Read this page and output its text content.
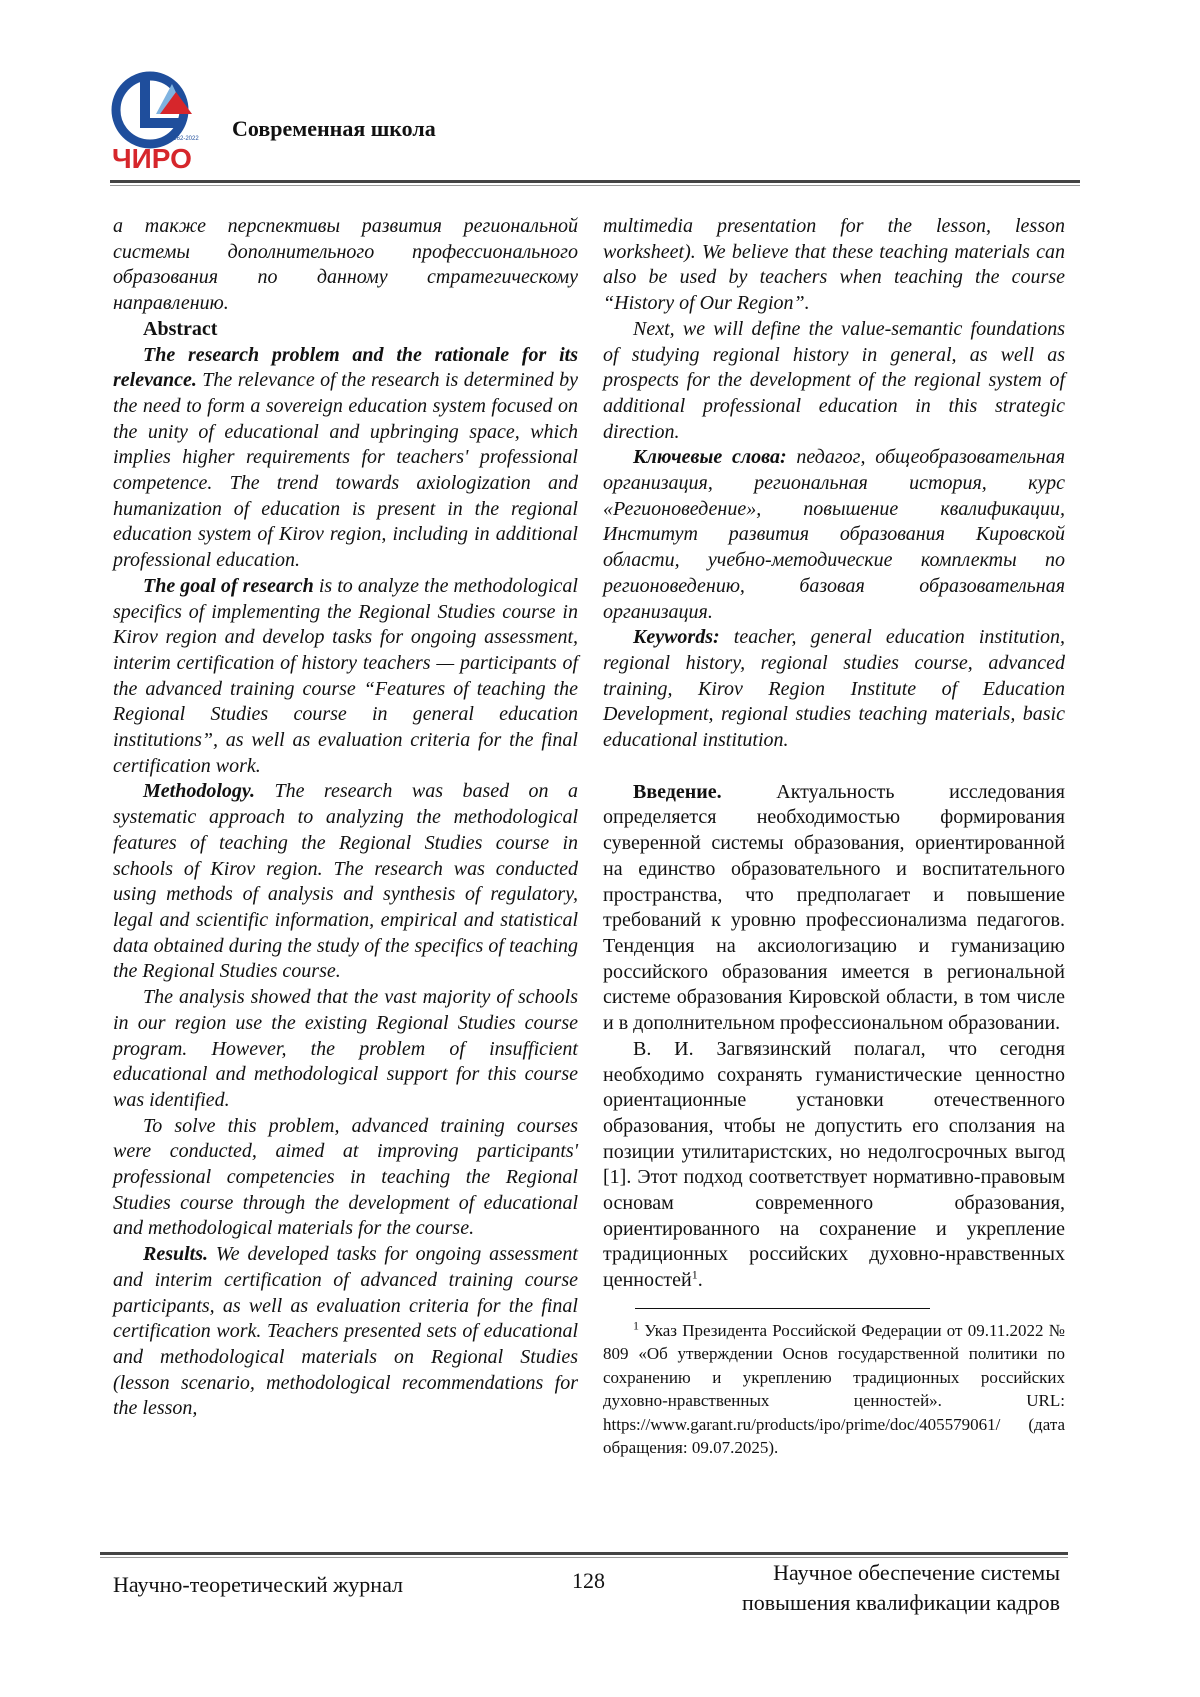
1962-2022
ЧИРО
Современная школа

а также перспективы развития региональной системы дополнительного профессионального образования по данному стратегическому направлению.

Abstract

The research problem and the rationale for its relevance. The relevance of the research is determined by the need to form a sovereign education system focused on the unity of educational and upbringing space, which implies higher requirements for teachers' professional competence. The trend towards axiologization and humanization of education is present in the regional education system of Kirov region, including in additional professional education.

The goal of research is to analyze the methodological specifics of implementing the Regional Studies course in Kirov region and develop tasks for ongoing assessment, interim certification of history teachers — participants of the advanced training course “Features of teaching the Regional Studies course in general education institutions”, as well as evaluation criteria for the final certification work.

Methodology. The research was based on a systematic approach to analyzing the methodological features of teaching the Regional Studies course in schools of Kirov region. The research was conducted using methods of analysis and synthesis of regulatory, legal and scientific information, empirical and statistical data obtained during the study of the specifics of teaching the Regional Studies course.

The analysis showed that the vast majority of schools in our region use the existing Regional Studies course program. However, the problem of insufficient educational and methodological support for this course was identified.

To solve this problem, advanced training courses were conducted, aimed at improving participants' professional competencies in teaching the Regional Studies course through the development of educational and methodological materials for the course.

Results. We developed tasks for ongoing assessment and interim certification of advanced training course participants, as well as evaluation criteria for the final certification work. Teachers presented sets of educational and methodological materials on Regional Studies (lesson scenario, methodological recommendations for the lesson,

multimedia presentation for the lesson, lesson worksheet). We believe that these teaching materials can also be used by teachers when teaching the course “History of Our Region”.

Next, we will define the value-semantic foundations of studying regional history in general, as well as prospects for the development of the regional system of additional professional education in this strategic direction.

Ключевые слова: педагог, общеобразовательная организация, региональная история, курс «Регионоведение», повышение квалификации, Институт развития образования Кировской области, учебно-методические комплекты по регионоведению, базовая образовательная организация.

Keywords: teacher, general education institution, regional history, regional studies course, advanced training, Kirov Region Institute of Education Development, regional studies teaching materials, basic educational institution.

Введение. Актуальность исследования определяется необходимостью формирования суверенной системы образования, ориентированной на единство образовательного и воспитательного пространства, что предполагает и повышение требований к уровню профессионализма педагогов. Тенденция на аксиологизацию и гуманизацию российского образования имеется в региональной системе образования Кировской области, в том числе и в дополнительном профессиональном образовании.

В. И. Загвязинский полагал, что сегодня необходимо сохранять гуманистические ценностно ориентационные установки отечественного образования, чтобы не допустить его сползания на позиции утилитаристских, но недолгосрочных выгод [1]. Этот подход соответствует нормативно-правовым основам современного образования, ориентированного на сохранение и укрепление традиционных российских духовно-нравственных ценностей$^1$.

$^1$ Указ Президента Российской Федерации от 09.11.2022 № 809 «Об утверждении Основ государственной политики по сохранению и укреплению традиционных российских духовно-нравственных ценностей». URL: https://www.garant.ru/products/ipo/prime/doc/405579061/ (дата обращения: 09.07.2025).

Научно-теоретический журнал	128	Научное обеспечение системы
повышения квалификации кадров
